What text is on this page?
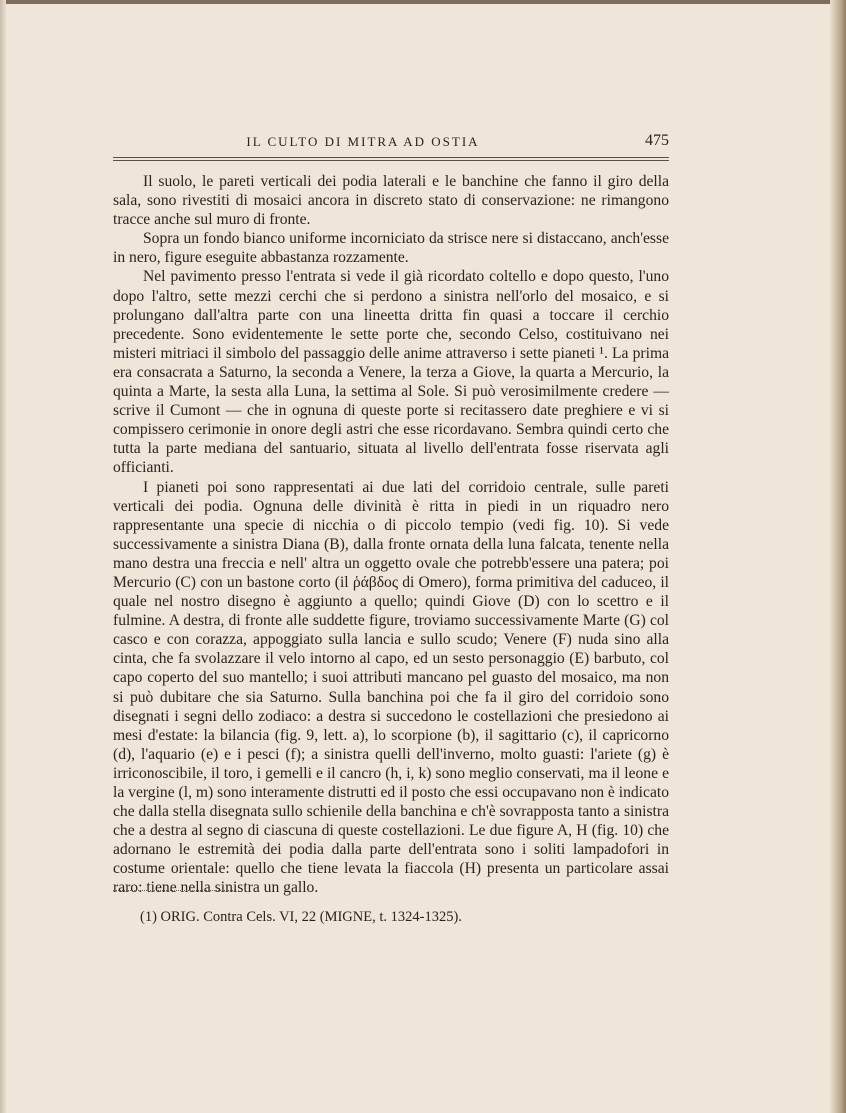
IL CULTO DI MITRA AD OSTIA	475

Il suolo, le pareti verticali dei podia laterali e le banchine che fanno il giro della sala, sono rivestiti di mosaici ancora in discreto stato di conservazione: ne rimangono tracce anche sul muro di fronte.

Sopra un fondo bianco uniforme incorniciato da strisce nere si distaccano, anch'esse in nero, figure eseguite abbastanza rozzamente.

Nel pavimento presso l'entrata si vede il già ricordato coltello e dopo questo, l'uno dopo l'altro, sette mezzi cerchi che si perdono a sinistra nell'orlo del mosaico, e si prolungano dall'altra parte con una lineetta dritta fin quasi a toccare il cerchio precedente. Sono evidentemente le sette porte che, secondo Celso, costituivano nei misteri mitriaci il simbolo del passaggio delle anime attraverso i sette pianeti ¹. La prima era consacrata a Saturno, la seconda a Venere, la terza a Giove, la quarta a Mercurio, la quinta a Marte, la sesta alla Luna, la settima al Sole. Si può verosimilmente credere — scrive il Cumont — che in ognuna di queste porte si recitassero date preghiere e vi si compissero cerimonie in onore degli astri che esse ricordavano. Sembra quindi certo che tutta la parte mediana del santuario, situata al livello dell'entrata fosse riservata agli officianti.

I pianeti poi sono rappresentati ai due lati del corridoio centrale, sulle pareti verticali dei podia. Ognuna delle divinità è ritta in piedi in un riquadro nero rappresentante una specie di nicchia o di piccolo tempio (vedi fig. 10). Si vede successivamente a sinistra Diana (B), dalla fronte ornata della luna falcata, tenente nella mano destra una freccia e nell' altra un oggetto ovale che potrebb'essere una patera; poi Mercurio (C) con un bastone corto (il ῥάβδος di Omero), forma primitiva del caduceo, il quale nel nostro disegno è aggiunto a quello; quindi Giove (D) con lo scettro e il fulmine. A destra, di fronte alle suddette figure, troviamo successivamente Marte (G) col casco e con corazza, appoggiato sulla lancia e sullo scudo; Venere (F) nuda sino alla cinta, che fa svolazzare il velo intorno al capo, ed un sesto personaggio (E) barbuto, col capo coperto del suo mantello; i suoi attributi mancano pel guasto del mosaico, ma non si può dubitare che sia Saturno. Sulla banchina poi che fa il giro del corridoio sono disegnati i segni dello zodiaco: a destra si succedono le costellazioni che presiedono ai mesi d'estate: la bilancia (fig. 9, lett. a), lo scorpione (b), il sagittario (c), il capricorno (d), l'aquario (e) e i pesci (f); a sinistra quelli dell'inverno, molto guasti: l'ariete (g) è irriconoscibile, il toro, i gemelli e il cancro (h, i, k) sono meglio conservati, ma il leone e la vergine (l, m) sono interamente distrutti ed il posto che essi occupavano non è indicato che dalla stella disegnata sullo schienile della banchina e ch'è sovrapposta tanto a sinistra che a destra al segno di ciascuna di queste costellazioni. Le due figure A, H (fig. 10) che adornano le estremità dei podia dalla parte dell'entrata sono i soliti lampadofori in costume orientale: quello che tiene levata la fiaccola (H) presenta un particolare assai raro: tiene nella sinistra un gallo.

(1) ORIG. Contra Cels. VI, 22 (MIGNE, t. 1324-1325).
